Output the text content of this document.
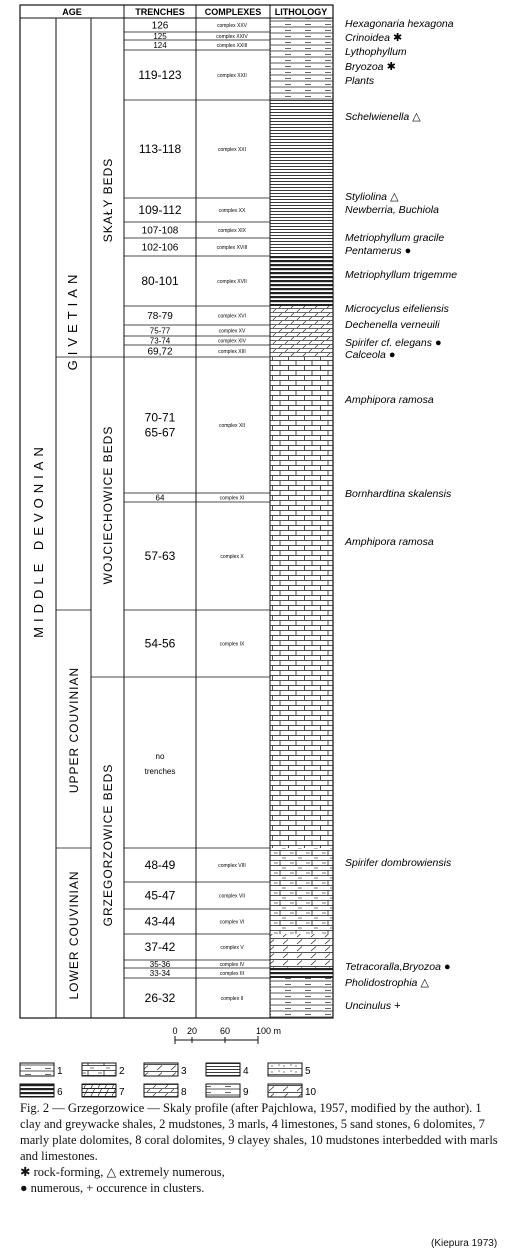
AGE	TRENCHES COMPLEXES LITHOLOGY
MIDDLE DEVONIAN
GIVETIAN
UPPER COUVINIAN
LOWER COUVINIAN
SKAŁY BEDS
WOJCIECHOWICE BEDS
GRZEGORZOWICE BEDS
126	complex XXV
125	complex XXIV
124	complex XXIII
119-123	complex XXII
113-118	complex XXI
109-112	complex XX
107-108	complex XIX
102-106	complex XVIII
80-101	complex XVII
78-79	complex XVI
75-77	complex XV
73-74	complex XIV
69,72	complex XIII
70-71
65-67	complex XII
64	complex XI
57-63	complex X
54-56	complex IX
no
trenches
48-49	complex VIII
45-47	complex VII
43-44	complex VI
37-42	complex V
35-36	complex IV
33-34	complex III
26-32	complex II
Hexagonaria hexagona
Crinoidea ✱
Lythophyllum
Bryozoa ✱
Plants
Schelwienella △
Styliolina △
Newberria, Buchiola
Metriophyllum gracile
Pentamerus ●
Metriophyllum trigemme
Microcyclus eifeliensis
Dechenella verneuili
Spirifer cf. elegans ●
Calceola ●
Amphipora ramosa
Bornhardtina skalensis
Amphipora ramosa
Spirifer dombrowiensis
Tetracoralla,Bryozoa ●
Pholidostrophia △
Uncinulus +
0 20	60	100 m
1	2	3	4	5
6	7	8	9	10

Fig. 2 — Grzegorzowice — Skaly profile (after Pajchlowa, 1957, modified by the author). 1 clay and greywacke shales, 2 mudstones, 3 marls, 4 limestones, 5 sand stones, 6 dolomites, 7 marly plate dolomites, 8 coral dolomites, 9 clayey shales, 10 mudstones interbedded with marls and limestones.

✱ rock-forming, △ extremely numerous,

● numerous, + occurence in clusters.

(Kiepura 1973)
